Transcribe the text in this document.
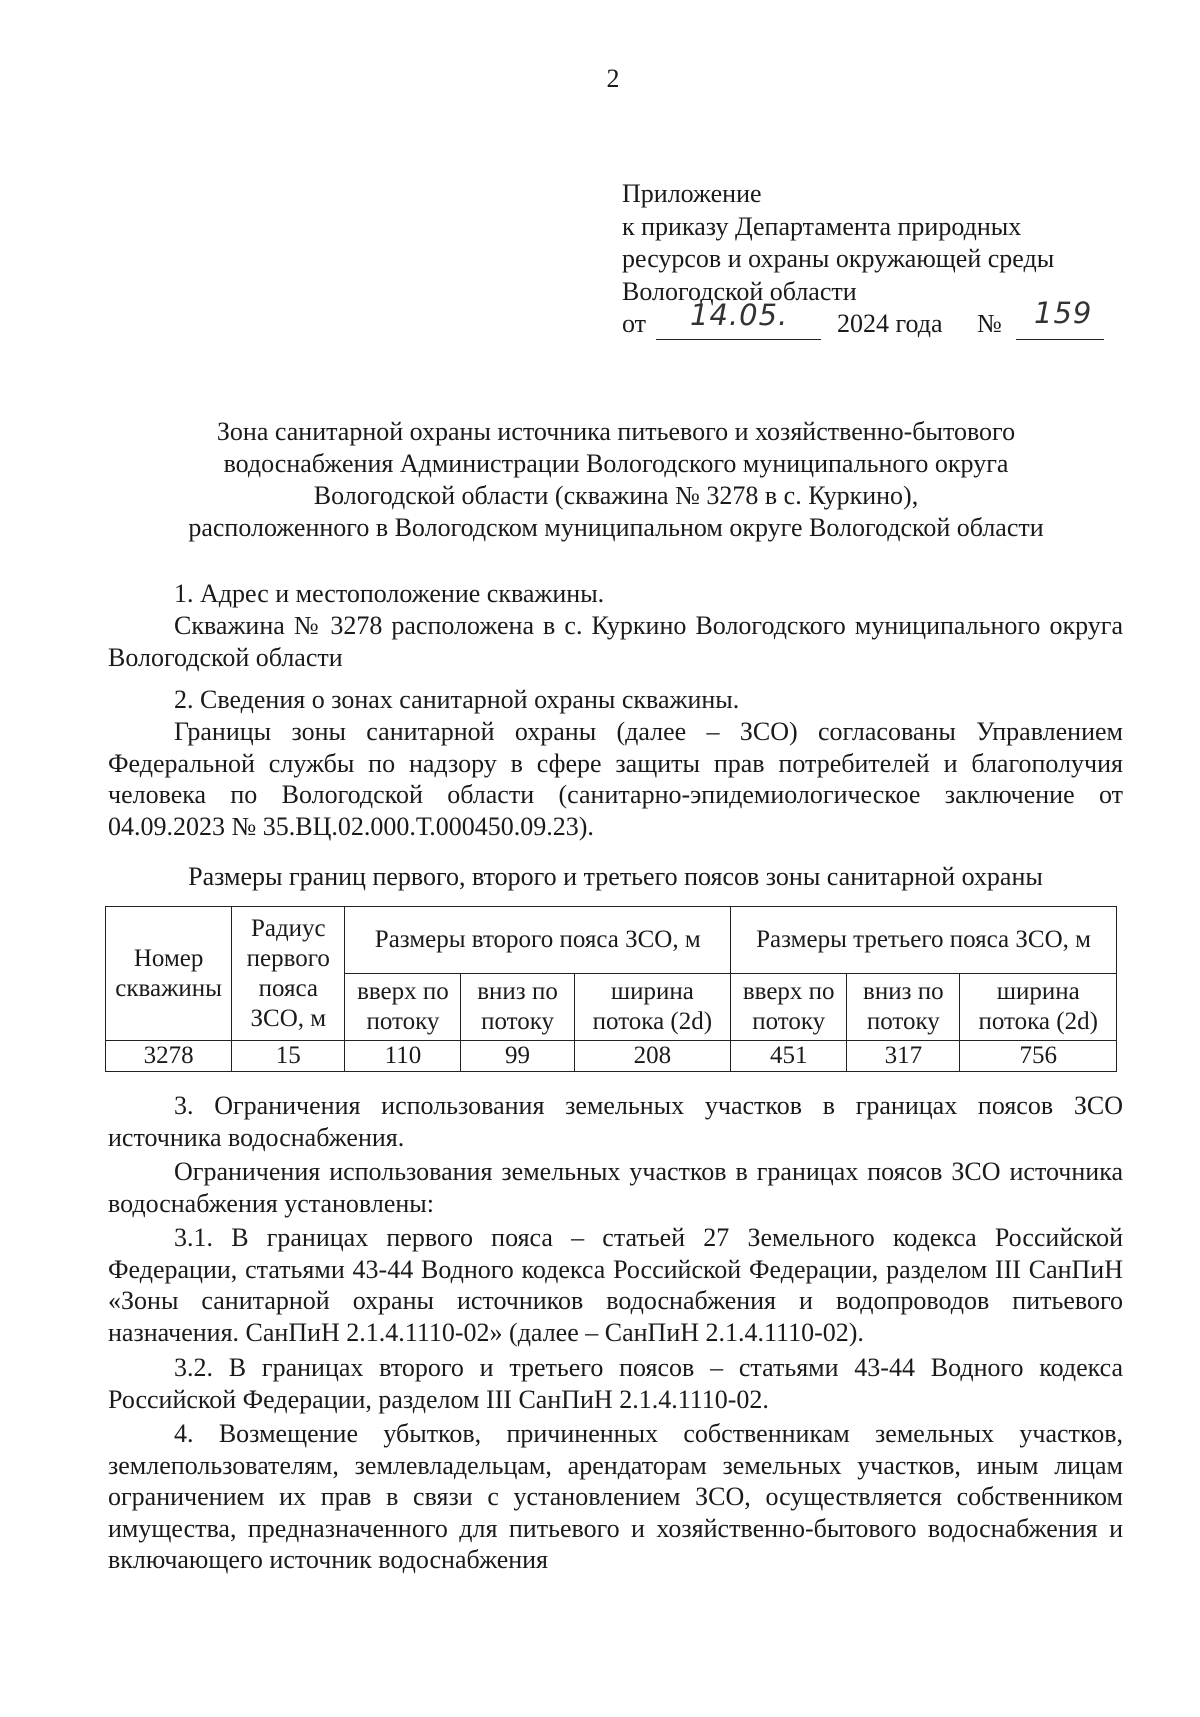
2
Приложение
к приказу Департамента природных
ресурсов и охраны окружающей среды
Вологодской области
от 14.05. 2024 года № 159
Зона санитарной охраны источника питьевого и хозяйственно-бытового
водоснабжения Администрации Вологодского муниципального округа
Вологодской области (скважина № 3278 в с. Куркино),
расположенного в Вологодском муниципальном округе Вологодской области
1. Адрес и местоположение скважины.
Скважина № 3278 расположена в с. Куркино Вологодского муниципального округа Вологодской области
2. Сведения о зонах санитарной охраны скважины.
Границы зоны санитарной охраны (далее – ЗСО) согласованы Управлением Федеральной службы по надзору в сфере защиты прав потребителей и благополучия человека по Вологодской области (санитарно-эпидемиологическое заключение от 04.09.2023 № 35.ВЦ.02.000.Т.000450.09.23).
Размеры границ первого, второго и третьего поясов зоны санитарной охраны
Номер скважины	Радиус первого пояса ЗСО, м	Размеры второго пояса ЗСО, м			Размеры третьего пояса ЗСО, м		
		вверх по потоку	вниз по потоку	ширина потока (2d)	вверх по потоку	вниз по потоку	ширина потока (2d)
3278	15	110	99	208	451	317	756
3. Ограничения использования земельных участков в границах поясов ЗСО источника водоснабжения.
Ограничения использования земельных участков в границах поясов ЗСО источника водоснабжения установлены:
3.1. В границах первого пояса – статьей 27 Земельного кодекса Российской Федерации, статьями 43-44 Водного кодекса Российской Федерации, разделом III СанПиН «Зоны санитарной охраны источников водоснабжения и водопроводов питьевого назначения. СанПиН 2.1.4.1110-02» (далее – СанПиН 2.1.4.1110-02).
3.2. В границах второго и третьего поясов – статьями 43-44 Водного кодекса Российской Федерации, разделом III СанПиН 2.1.4.1110-02.
4. Возмещение убытков, причиненных собственникам земельных участков, землепользователям, землевладельцам, арендаторам земельных участков, иным лицам ограничением их прав в связи с установлением ЗСО, осуществляется собственником имущества, предназначенного для питьевого и хозяйственно-бытового водоснабжения и включающего источник водоснабжения
